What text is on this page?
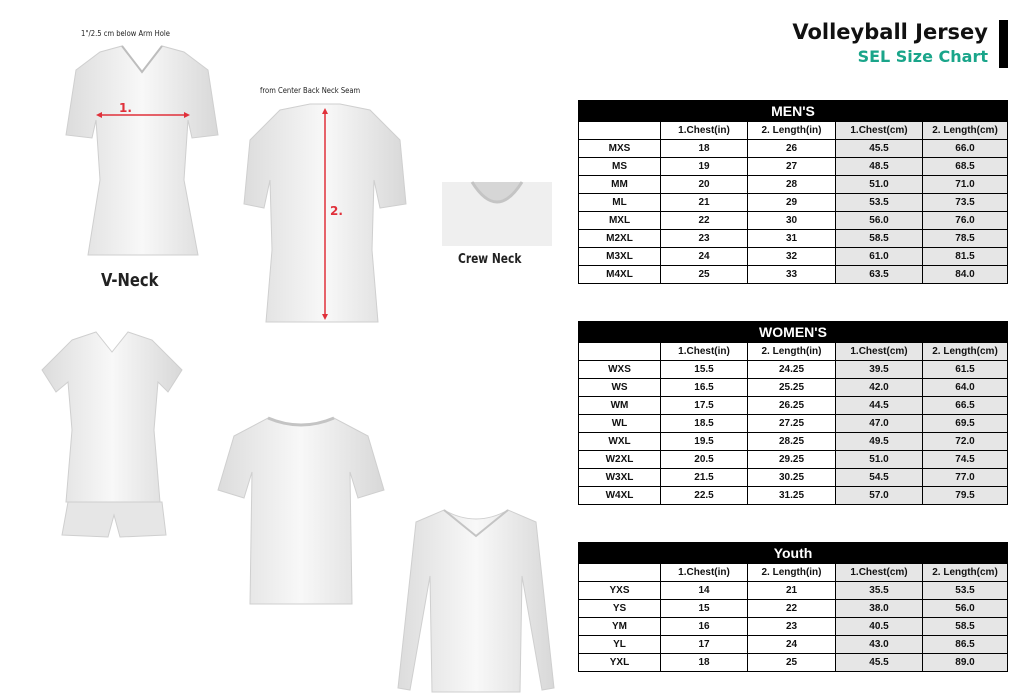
Volleyball Jersey
SEL Size Chart
1"/2.5 cm below Arm Hole
from Center Back Neck Seam
V-Neck
Crew Neck
1.
2.
MEN'S				
	1.Chest(in)	2. Length(in)	1.Chest(cm)	2. Length(cm)
MXS	18	26	45.5	66.0
MS	19	27	48.5	68.5
MM	20	28	51.0	71.0
ML	21	29	53.5	73.5
MXL	22	30	56.0	76.0
M2XL	23	31	58.5	78.5
M3XL	24	32	61.0	81.5
M4XL	25	33	63.5	84.0
WOMEN'S				
	1.Chest(in)	2. Length(in)	1.Chest(cm)	2. Length(cm)
WXS	15.5	24.25	39.5	61.5
WS	16.5	25.25	42.0	64.0
WM	17.5	26.25	44.5	66.5
WL	18.5	27.25	47.0	69.5
WXL	19.5	28.25	49.5	72.0
W2XL	20.5	29.25	51.0	74.5
W3XL	21.5	30.25	54.5	77.0
W4XL	22.5	31.25	57.0	79.5
Youth				
	1.Chest(in)	2. Length(in)	1.Chest(cm)	2. Length(cm)
YXS	14	21	35.5	53.5
YS	15	22	38.0	56.0
YM	16	23	40.5	58.5
YL	17	24	43.0	86.5
YXL	18	25	45.5	89.0
